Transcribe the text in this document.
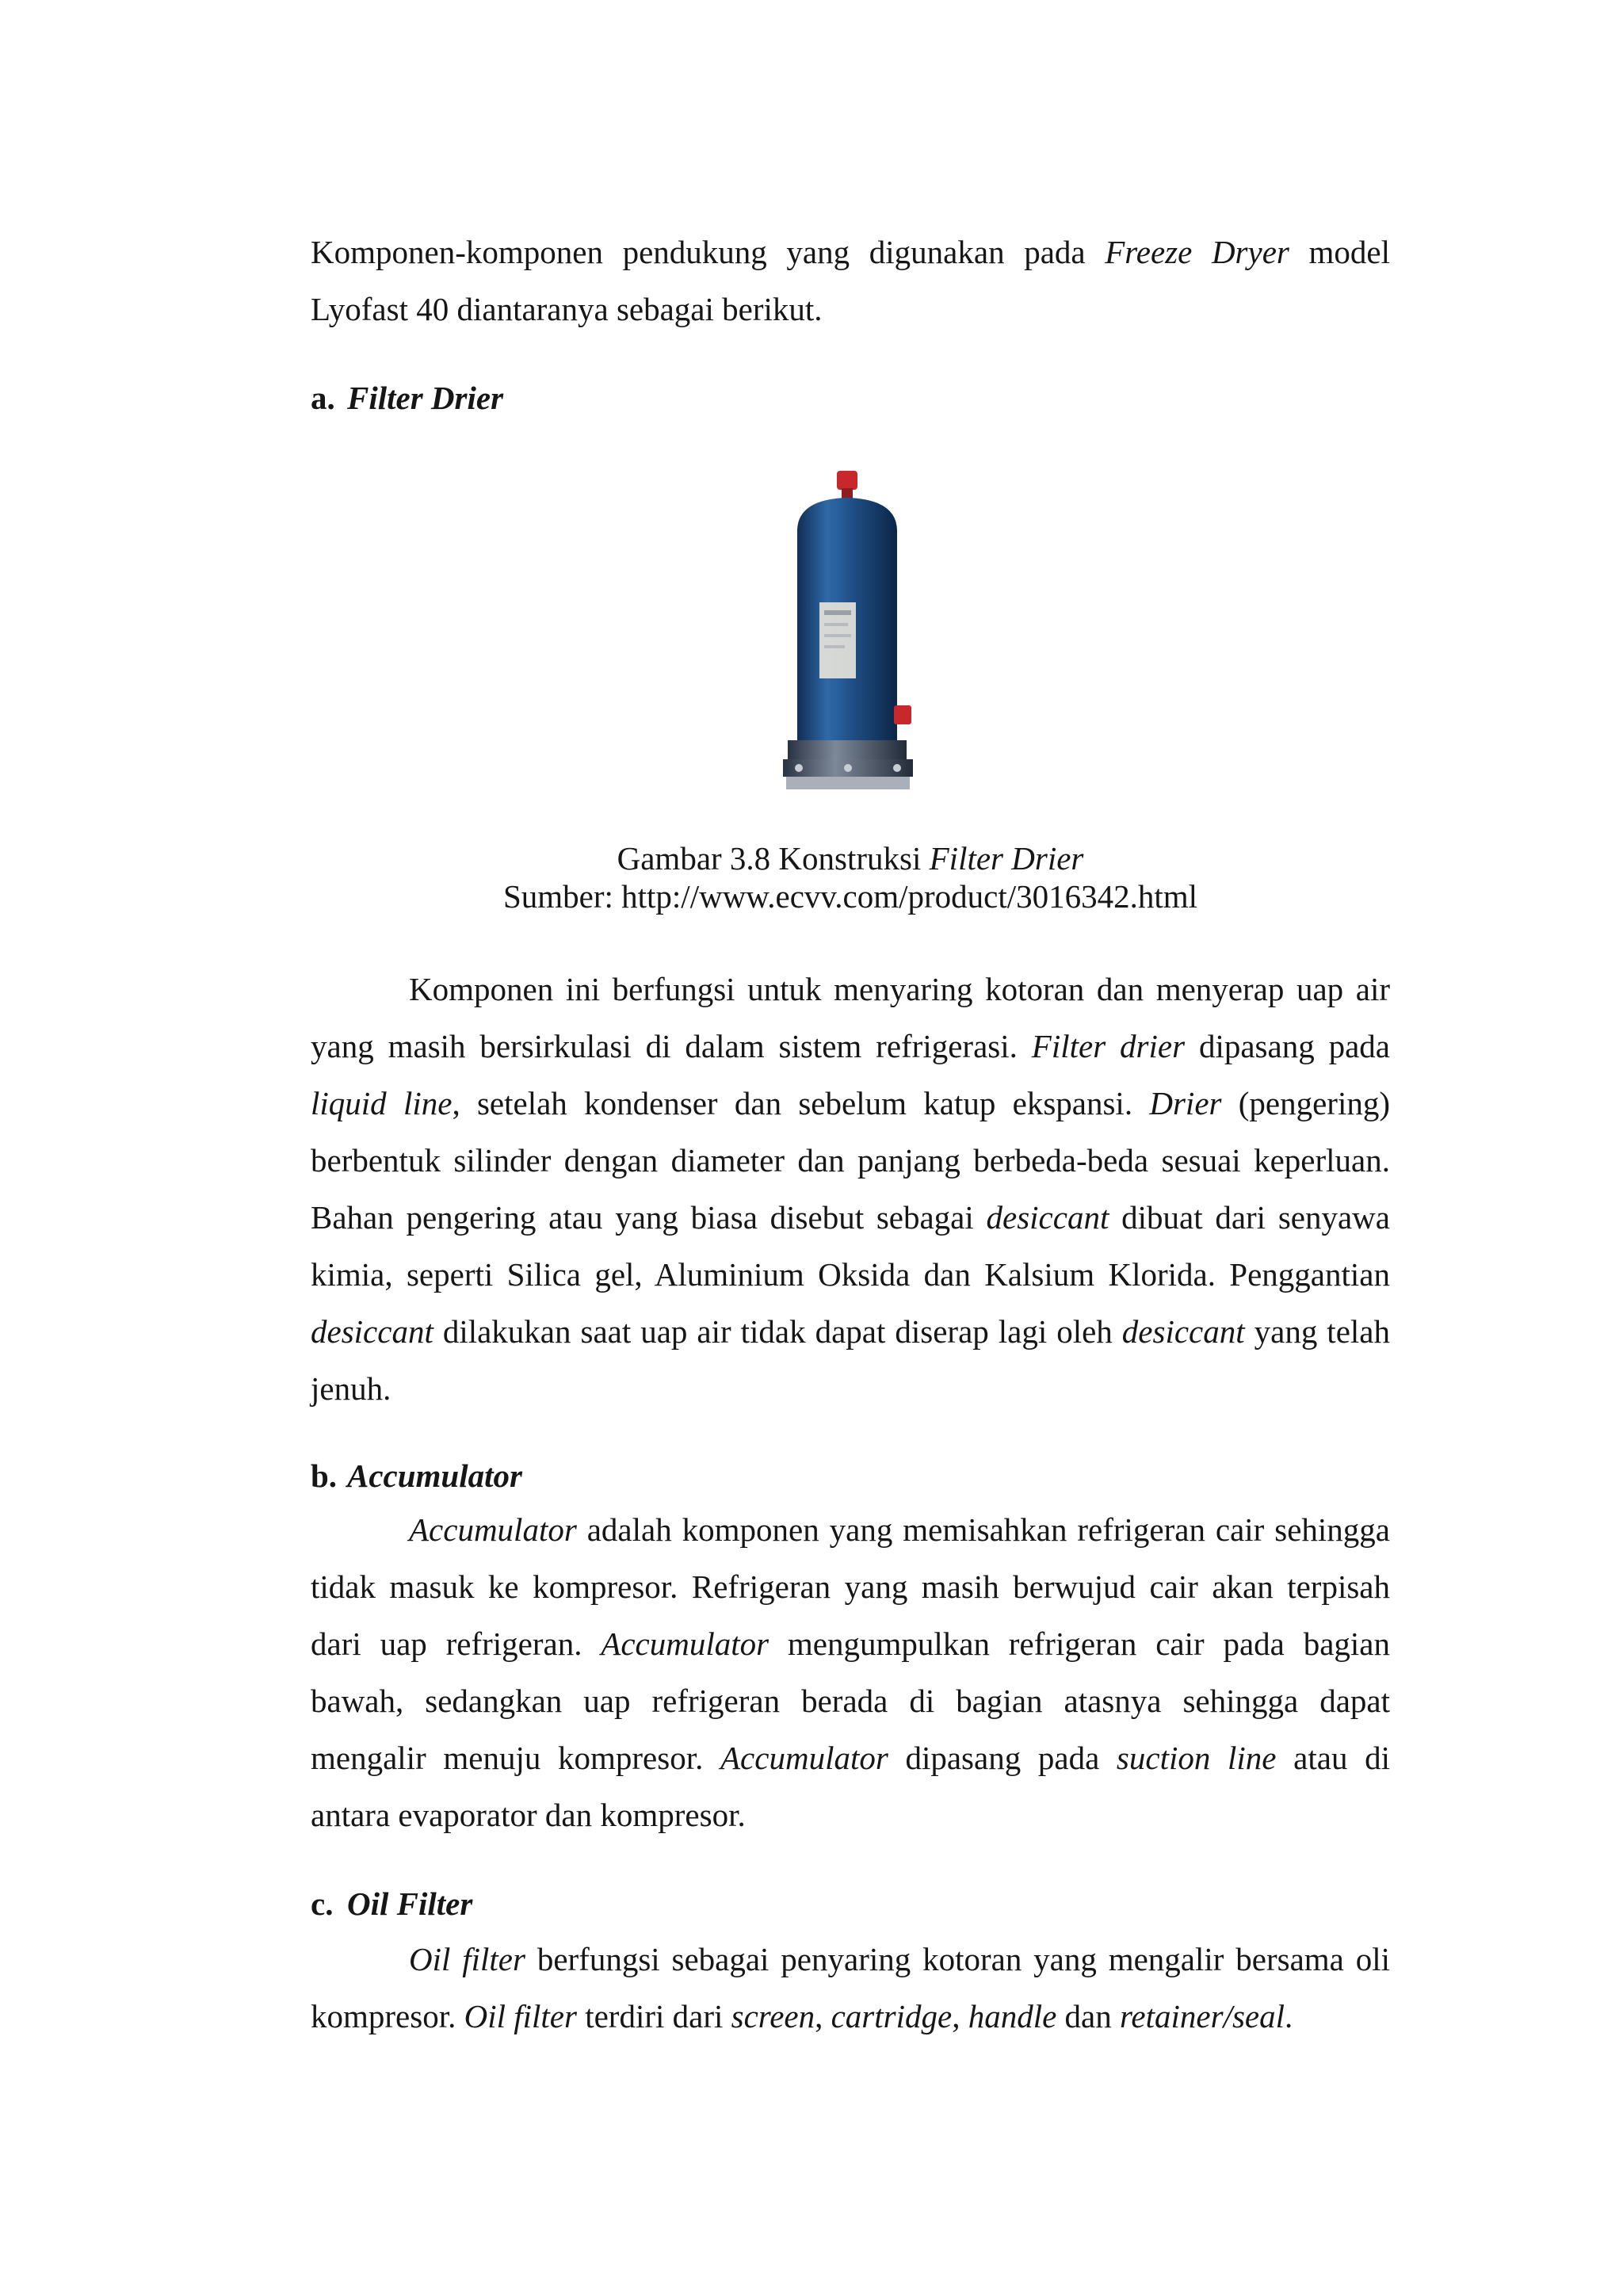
Komponen-komponen pendukung yang digunakan pada Freeze Dryer model Lyofast 40 diantaranya sebagai berikut.

a. Filter Drier
Gambar 3.8 Konstruksi Filter Drier
Sumber: http://www.ecvv.com/product/3016342.html

Komponen ini berfungsi untuk menyaring kotoran dan menyerap uap air yang masih bersirkulasi di dalam sistem refrigerasi. Filter drier dipasang pada liquid line, setelah kondenser dan sebelum katup ekspansi. Drier (pengering) berbentuk silinder dengan diameter dan panjang berbeda-beda sesuai keperluan. Bahan pengering atau yang biasa disebut sebagai desiccant dibuat dari senyawa kimia, seperti Silica gel, Aluminium Oksida dan Kalsium Klorida. Penggantian desiccant dilakukan saat uap air tidak dapat diserap lagi oleh desiccant yang telah jenuh.

b. Accumulator

Accumulator adalah komponen yang memisahkan refrigeran cair sehingga tidak masuk ke kompresor. Refrigeran yang masih berwujud cair akan terpisah dari uap refrigeran. Accumulator mengumpulkan refrigeran cair pada bagian bawah, sedangkan uap refrigeran berada di bagian atasnya sehingga dapat mengalir menuju kompresor. Accumulator dipasang pada suction line atau di antara evaporator dan kompresor.

c. Oil Filter

Oil filter berfungsi sebagai penyaring kotoran yang mengalir bersama oli kompresor. Oil filter terdiri dari screen, cartridge, handle dan retainer/seal.
